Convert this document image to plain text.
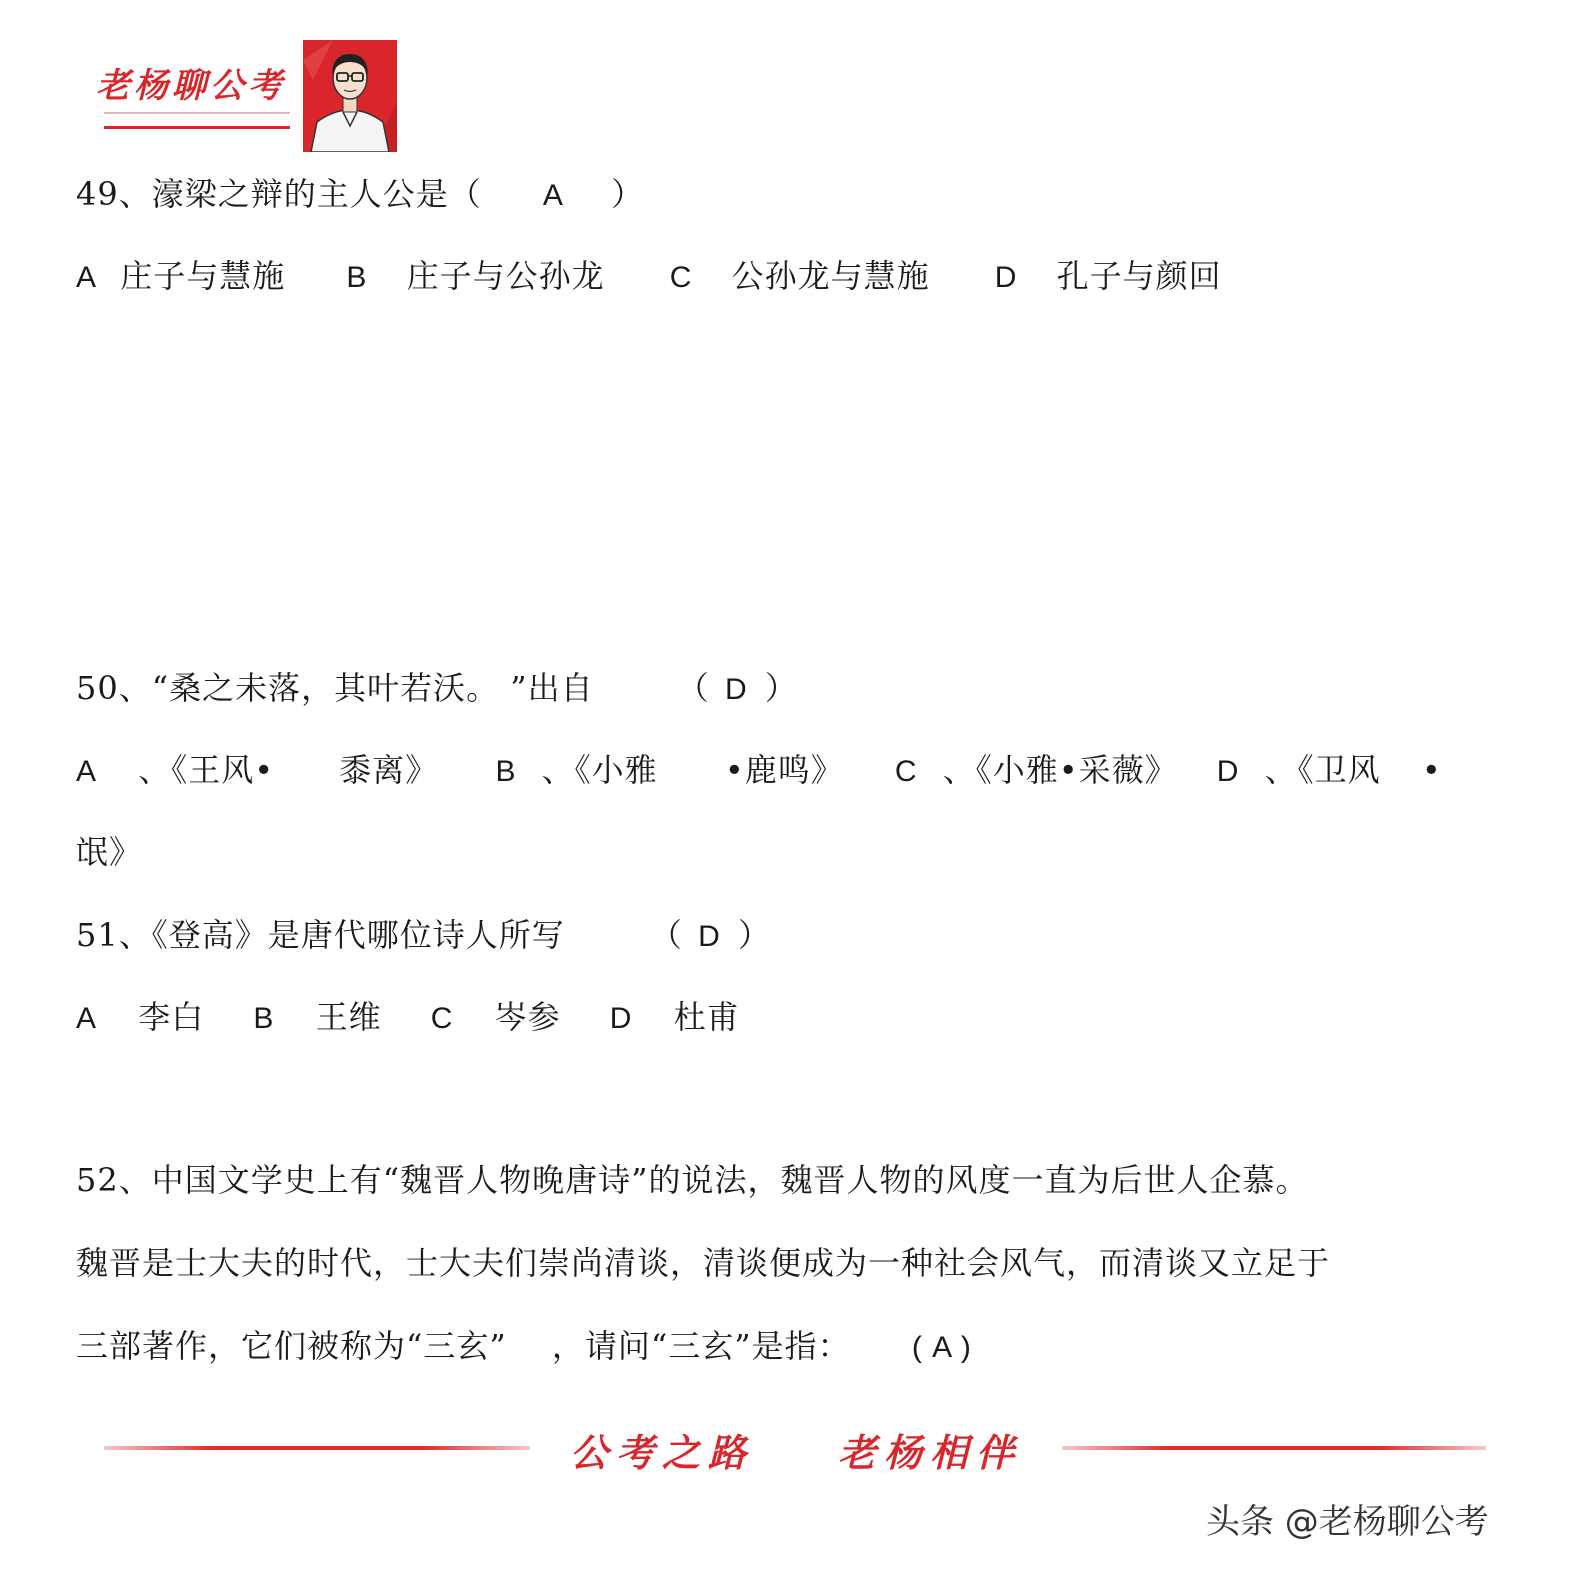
老杨聊公考
49、濠梁之辩的主人公是（ A ）
A 庄子与慧施 B 庄子与公孙龙 C 公孙龙与慧施 D 孔子与颜回
50、“桑之未落，其叶若沃。 ”出自	（ D ）
A 、《王风• 黍离》 B 、《小雅 •鹿鸣》 C 、《小雅•采薇》 D 、《卫风 •
氓》
51、《登高》是唐代哪位诗人所写	（ D ）
A 李白 B 王维 C 岑参 D 杜甫
52、中国文学史上有“魏晋人物晚唐诗”的说法，魏晋人物的风度一直为后世人企慕。
魏晋是士大夫的时代，士大夫们崇尚清谈，清谈便成为一种社会风气，而清谈又立足于
三部著作，它们被称为“三玄” ，请问“三玄”是指： ( A )
公考之路 老杨相伴
头条 @老杨聊公考
